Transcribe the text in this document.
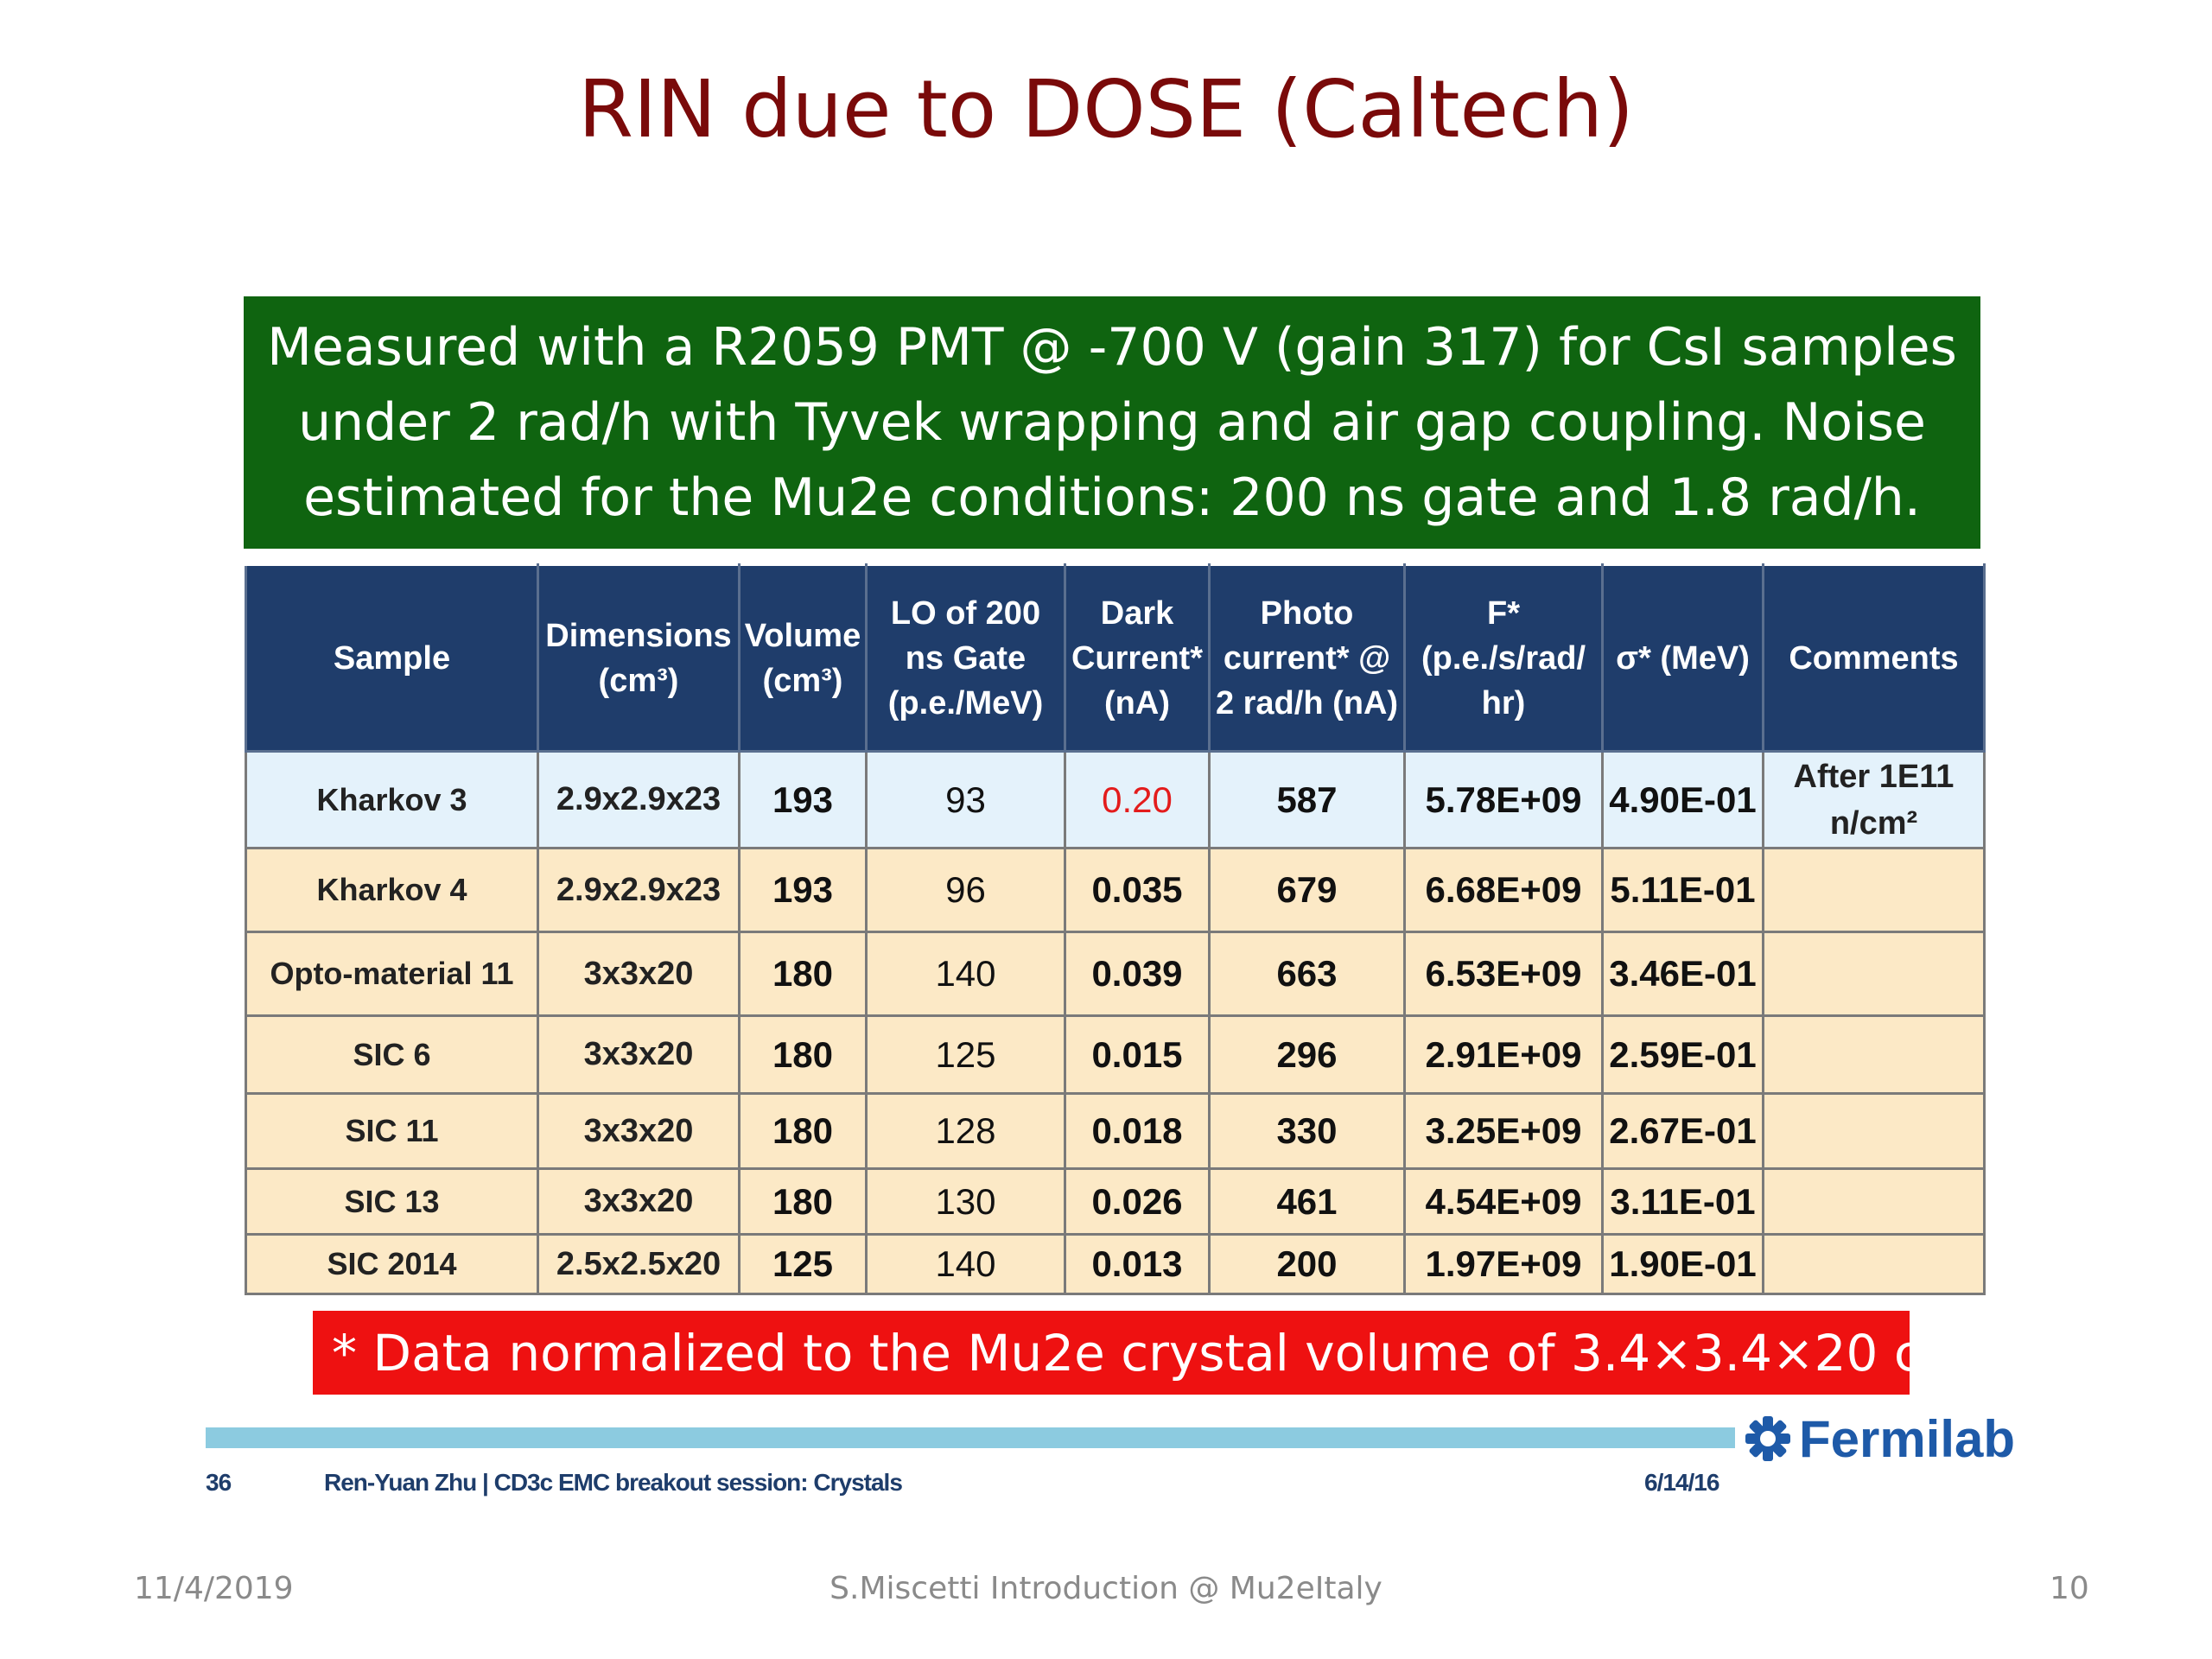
RIN due to DOSE (Caltech)
Measured with a R2059 PMT @ -700 V (gain 317) for CsI samples
under 2 rad/h with Tyvek wrapping and air gap coupling. Noise
estimated for the Mu2e conditions: 200 ns gate and 1.8 rad/h.
Sample	Dimensions (cm³)	Volume (cm³)	LO of 200 ns Gate (p.e./MeV)	Dark Current* (nA)	Photo current* @ 2 rad/h (nA)	F* (p.e./s/rad/ hr)	σ* (MeV)	Comments
Kharkov 3	2.9x2.9x23	193	93	0.20	587	5.78E+09	4.90E-01	After 1E11 n/cm²
Kharkov 4	2.9x2.9x23	193	96	0.035	679	6.68E+09	5.11E-01	
Opto-material 11	3x3x20	180	140	0.039	663	6.53E+09	3.46E-01	
SIC 6	3x3x20	180	125	0.015	296	2.91E+09	2.59E-01	
SIC 11	3x3x20	180	128	0.018	330	3.25E+09	2.67E-01	
SIC 13	3x3x20	180	130	0.026	461	4.54E+09	3.11E-01	
SIC 2014	2.5x2.5x20	125	140	0.013	200	1.97E+09	1.90E-01	
* Data normalized to the Mu2e crystal volume of 3.4×3.4×20 cm 3
Fermilab
36	Ren-Yuan Zhu | CD3c EMC breakout session: Crystals	6/14/16
11/4/2019	S.Miscetti Introduction @ Mu2eItaly	10
